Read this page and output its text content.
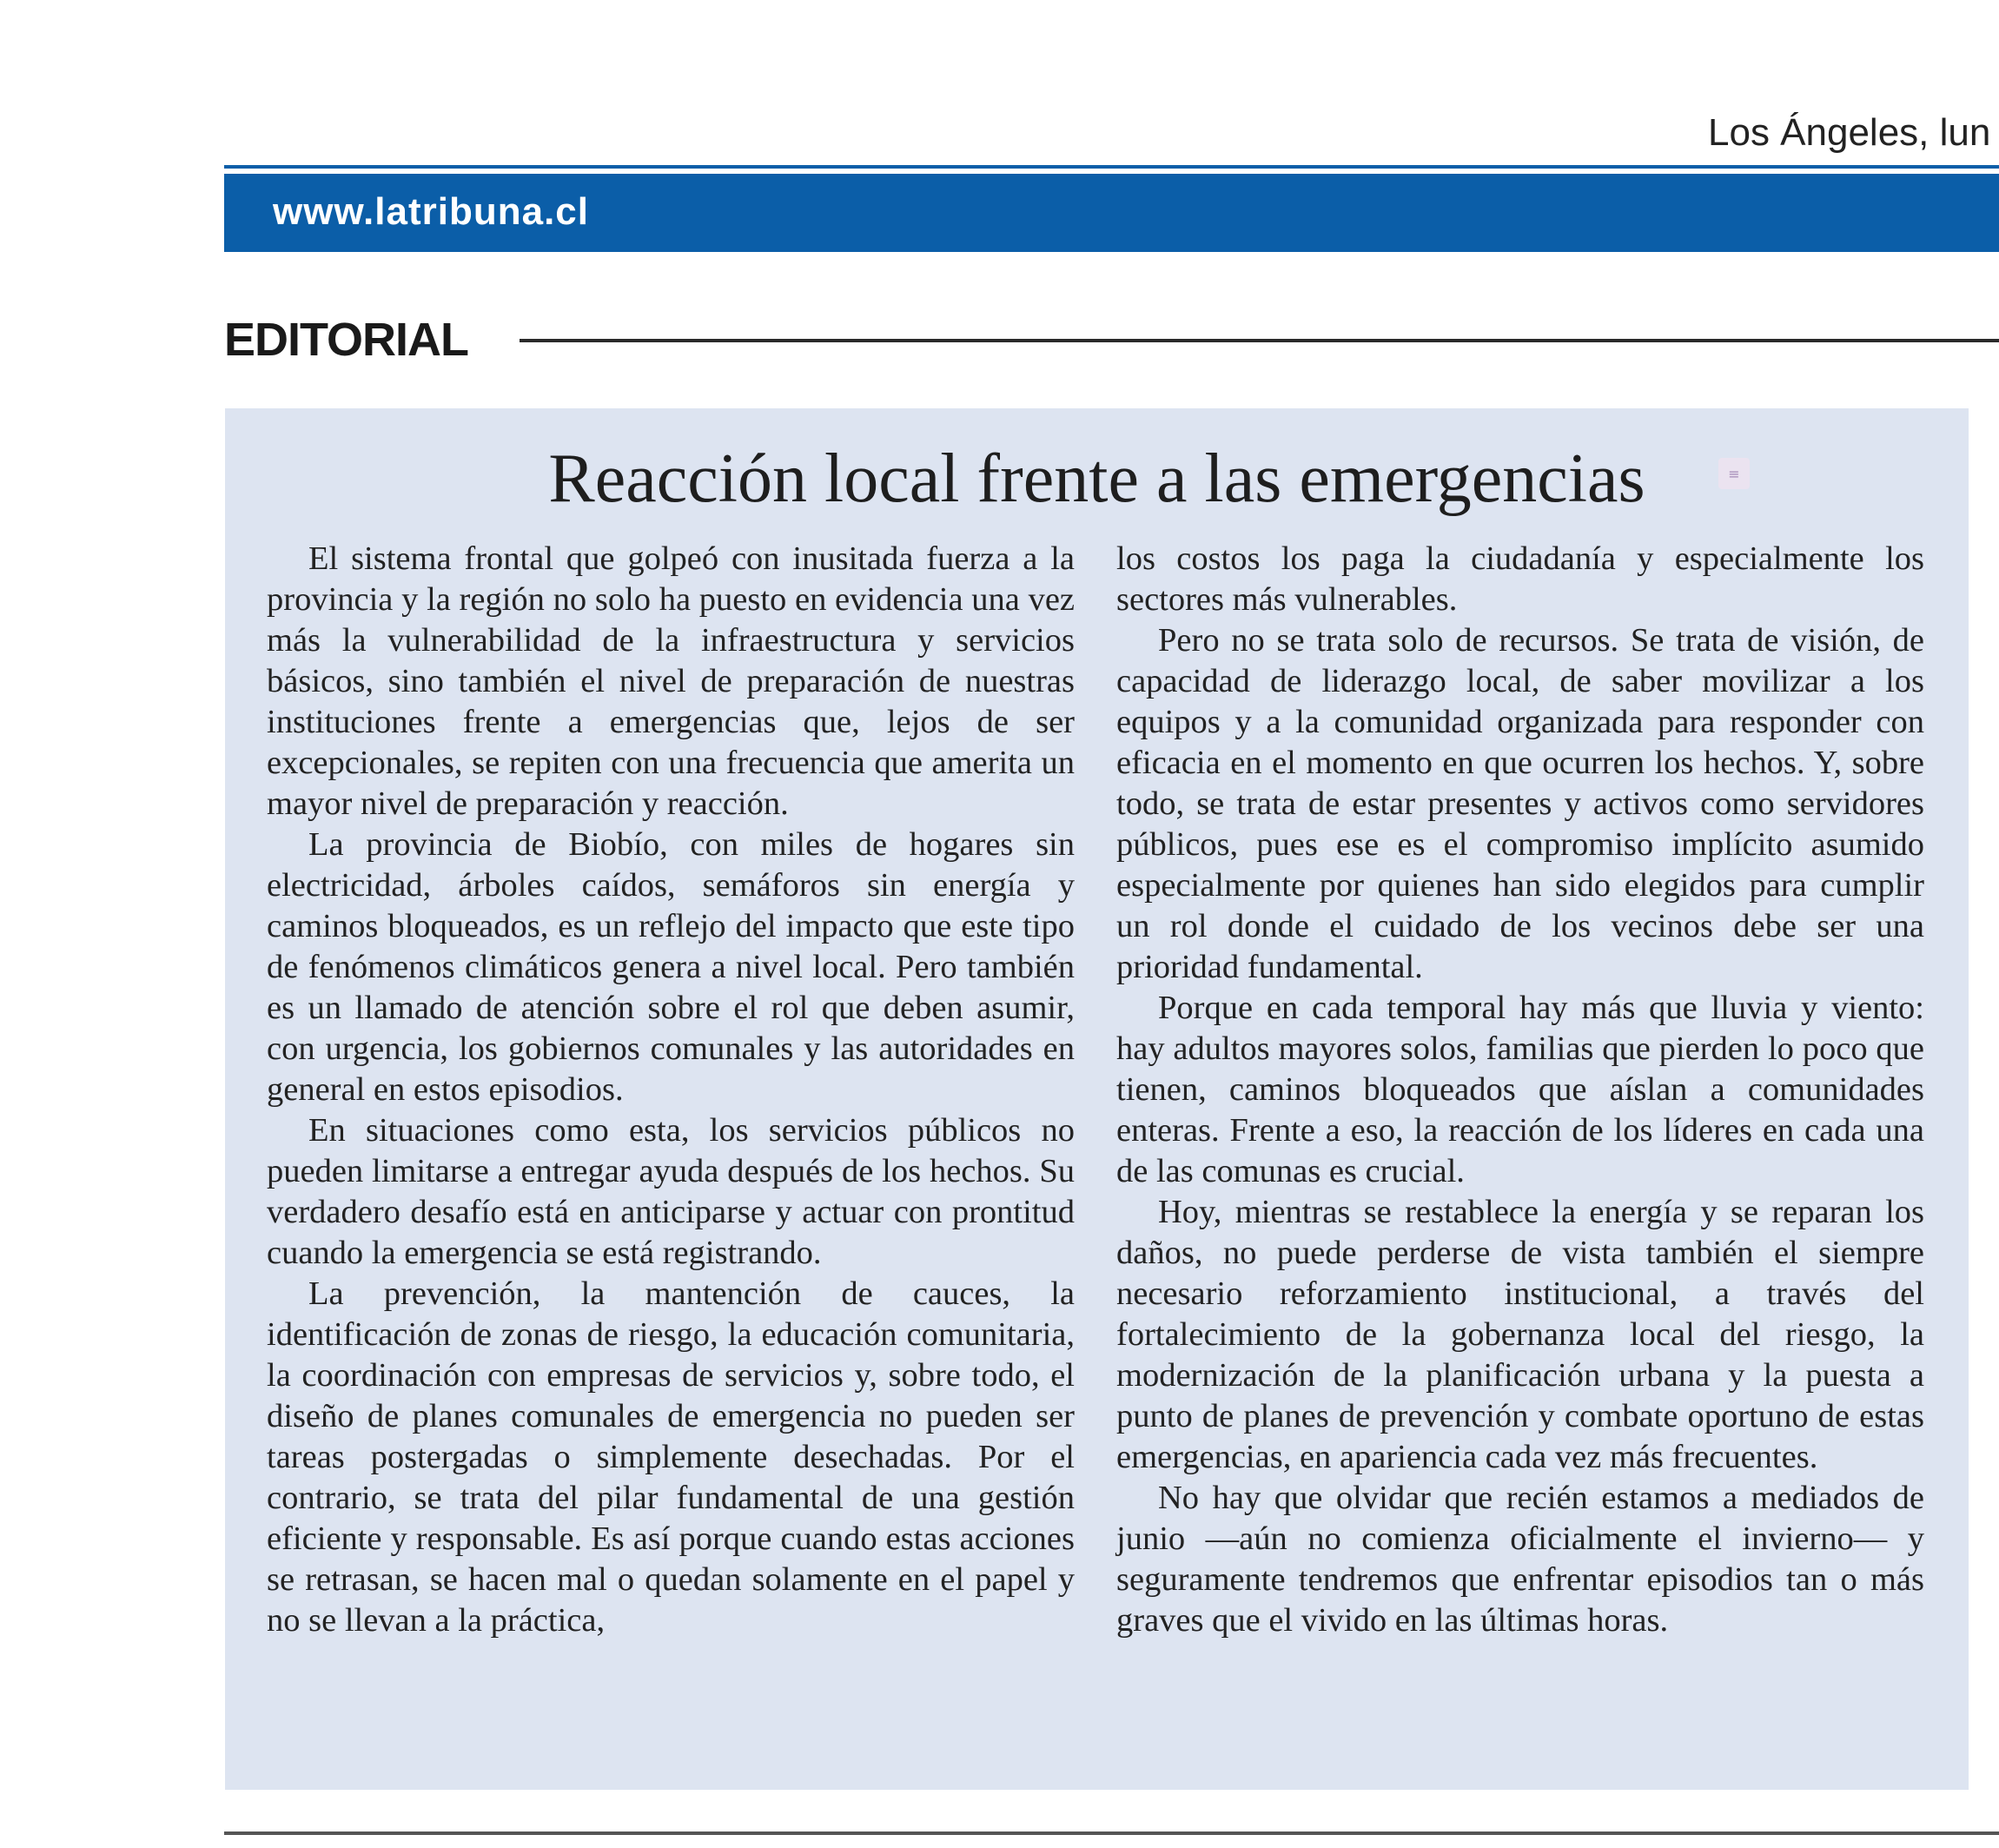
Los Ángeles, lun
www.latribuna.cl
EDITORIAL
Reacción local frente a las emergencias	≡

El sistema frontal que golpeó con inusitada fuerza a la provincia y la región no solo ha puesto en evidencia una vez más la vulnerabilidad de la infraestructura y servicios básicos, sino también el nivel de preparación de nuestras instituciones frente a emergencias que, lejos de ser excepcionales, se repiten con una frecuencia que amerita un mayor nivel de preparación y reacción.

La provincia de Biobío, con miles de hogares sin electricidad, árboles caídos, semáforos sin energía y caminos bloqueados, es un reflejo del impacto que este tipo de fenómenos climáticos genera a nivel local. Pero también es un llamado de atención sobre el rol que deben asumir, con urgencia, los gobiernos comunales y las autoridades en general en estos episodios.

En situaciones como esta, los servicios públicos no pueden limitarse a entregar ayuda después de los hechos. Su verdadero desafío está en anticiparse y actuar con prontitud cuando la emergencia se está registrando.

La prevención, la mantención de cauces, la identificación de zonas de riesgo, la educación comunitaria, la coordinación con empresas de servicios y, sobre todo, el diseño de planes comunales de emergencia no pueden ser tareas postergadas o simplemente desechadas. Por el contrario, se trata del pilar fundamental de una gestión eficiente y responsable. Es así porque cuando estas acciones se retrasan, se hacen mal o quedan solamente en el papel y no se llevan a la práctica,

los costos los paga la ciudadanía y especialmente los sectores más vulnerables.

Pero no se trata solo de recursos. Se trata de visión, de capacidad de liderazgo local, de saber movilizar a los equipos y a la comunidad organizada para responder con eficacia en el momento en que ocurren los hechos. Y, sobre todo, se trata de estar presentes y activos como servidores públicos, pues ese es el compromiso implícito asumido especialmente por quienes han sido elegidos para cumplir un rol donde el cuidado de los vecinos debe ser una prioridad fundamental.

Porque en cada temporal hay más que lluvia y viento: hay adultos mayores solos, familias que pierden lo poco que tienen, caminos bloqueados que aíslan a comunidades enteras. Frente a eso, la reacción de los líderes en cada una de las comunas es crucial.

Hoy, mientras se restablece la energía y se reparan los daños, no puede perderse de vista también el siempre necesario reforzamiento institucional, a través del fortalecimiento de la gobernanza local del riesgo, la modernización de la planificación urbana y la puesta a punto de planes de prevención y combate oportuno de estas emergencias, en apariencia cada vez más frecuentes.

No hay que olvidar que recién estamos a mediados de junio —aún no comienza oficialmente el invierno— y seguramente tendremos que enfrentar episodios tan o más graves que el vivido en las últimas horas.
